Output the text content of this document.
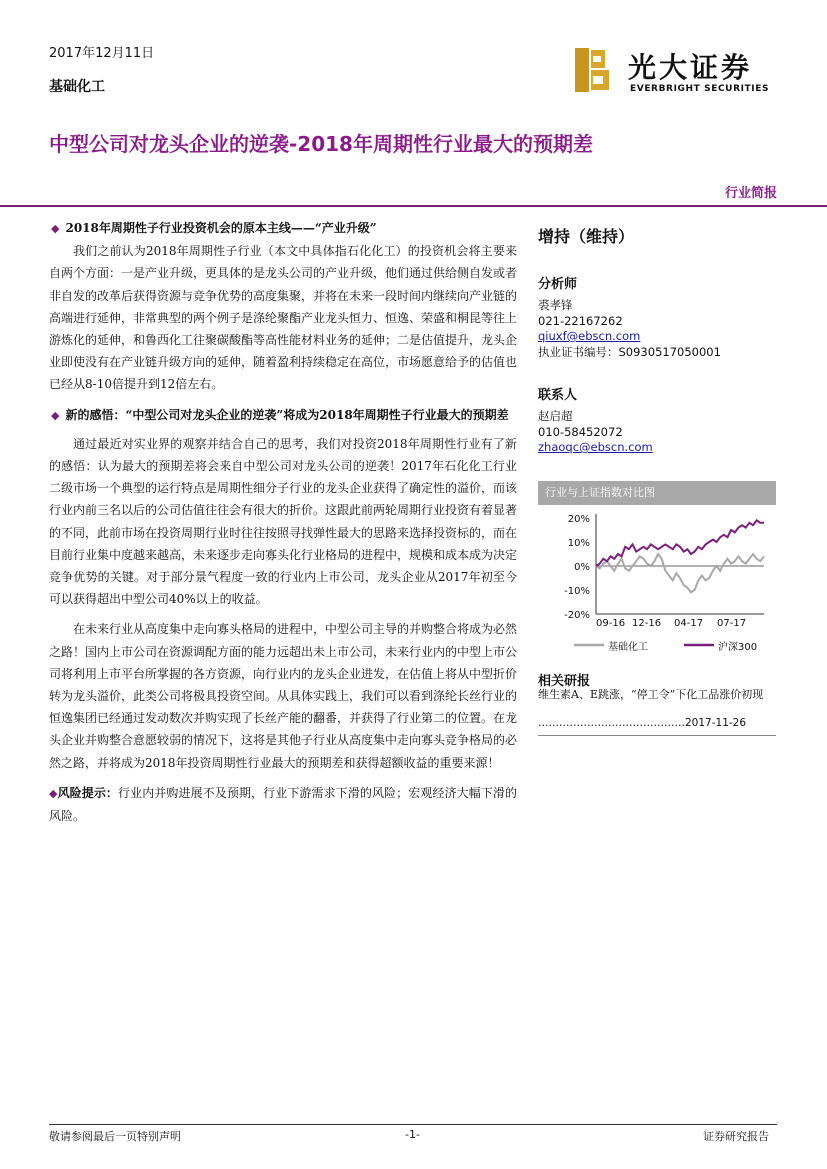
2017年12月11日
基础化工
光大证券
EVERBRIGHT SECURITIES
中型公司对龙头企业的逆袭-2018年周期性行业最大的预期差
行业简报

◆ 2018年周期性子行业投资机会的原本主线——“产业升级”

我们之前认为2018年周期性子行业（本文中具体指石化化工）的投资机会将主要来自两个方面：一是产业升级，更具体的是龙头公司的产业升级，他们通过供给侧自发或者非自发的改革后获得资源与竞争优势的高度集聚，并将在未来一段时间内继续向产业链的高端进行延伸，非常典型的两个例子是涤纶聚酯产业龙头恒力、恒逸、荣盛和桐昆等往上游炼化的延伸，和鲁西化工往聚碳酸酯等高性能材料业务的延伸；二是估值提升，龙头企业即使没有在产业链升级方向的延伸，随着盈利持续稳定在高位，市场愿意给予的估值也已经从8-10倍提升到12倍左右。

◆ 新的感悟：“中型公司对龙头企业的逆袭”将成为2018年周期性子行业最大的预期差

通过最近对实业界的观察并结合自己的思考，我们对投资2018年周期性行业有了新的感悟：认为最大的预期差将会来自中型公司对龙头公司的逆袭！2017年石化化工行业二级市场一个典型的运行特点是周期性细分子行业的龙头企业获得了确定性的溢价，而该行业内前三名以后的公司估值往往会有很大的折价。这跟此前两轮周期行业投资有着显著的不同，此前市场在投资周期行业时往往按照寻找弹性最大的思路来选择投资标的，而在目前行业集中度越来越高，未来逐步走向寡头化行业格局的进程中，规模和成本成为决定竞争优势的关键。对于部分景气程度一致的行业内上市公司，龙头企业从2017年初至今可以获得超出中型公司40%以上的收益。

在未来行业从高度集中走向寡头格局的进程中，中型公司主导的并购整合将成为必然之路！国内上市公司在资源调配方面的能力远超出未上市公司，未来行业内的中型上市公司将利用上市平台所掌握的各方资源，向行业内的龙头企业进发，在估值上将从中型折价转为龙头溢价，此类公司将极具投资空间。从具体实践上，我们可以看到涤纶长丝行业的恒逸集团已经通过发动数次并购实现了长丝产能的翻番，并获得了行业第二的位置。在龙头企业并购整合意愿较弱的情况下，这将是其他子行业从高度集中走向寡头竞争格局的必然之路，并将成为2018年投资周期性行业最大的预期差和获得超额收益的重要来源！

◆风险提示：行业内并购进展不及预期，行业下游需求下滑的风险；宏观经济大幅下滑的风险。

增持（维持）
分析师
裘孝锋
021-22167262
qiuxf@ebscn.com
执业证书编号：S0930517050001
联系人
赵启超
010-58452072
zhaoqc@ebscn.com
行业与上证指数对比图
20%
10%
0%
-10%
-20%
09-16 12-16 04-17 07-17
基础化工	沪深300
相关研报
维生素A、E跳涨，“停工令”下化工品涨价初现
……………………………………2017-11-26
敬请参阅最后一页特别声明	-1-	证券研究报告
